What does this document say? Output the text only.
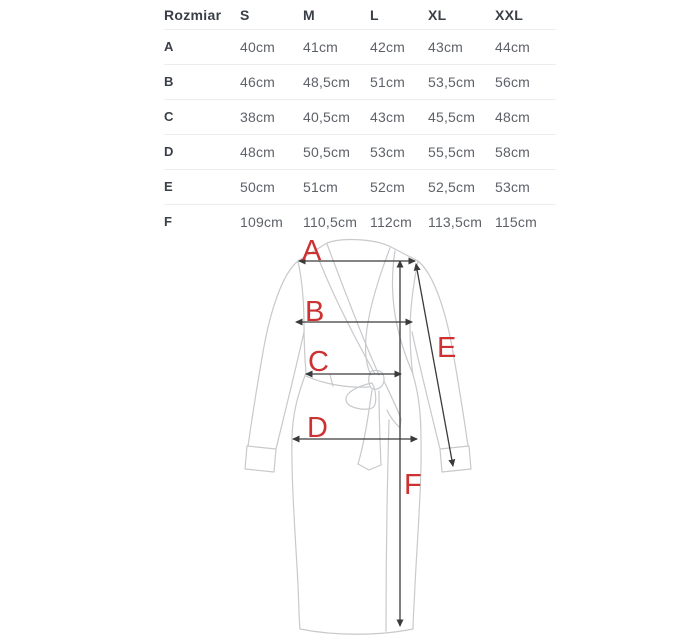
Rozmiar	S	M	L	XL	XXL
A	40cm	41cm	42cm	43cm	44cm
B	46cm	48,5cm	51cm	53,5cm	56cm
C	38cm	40,5cm	43cm	45,5cm	48cm
D	48cm	50,5cm	53cm	55,5cm	58cm
E	50cm	51cm	52cm	52,5cm	53cm
F	109cm	110,5cm	112cm	113,5cm	115cm
A
B
C
D
E
F
